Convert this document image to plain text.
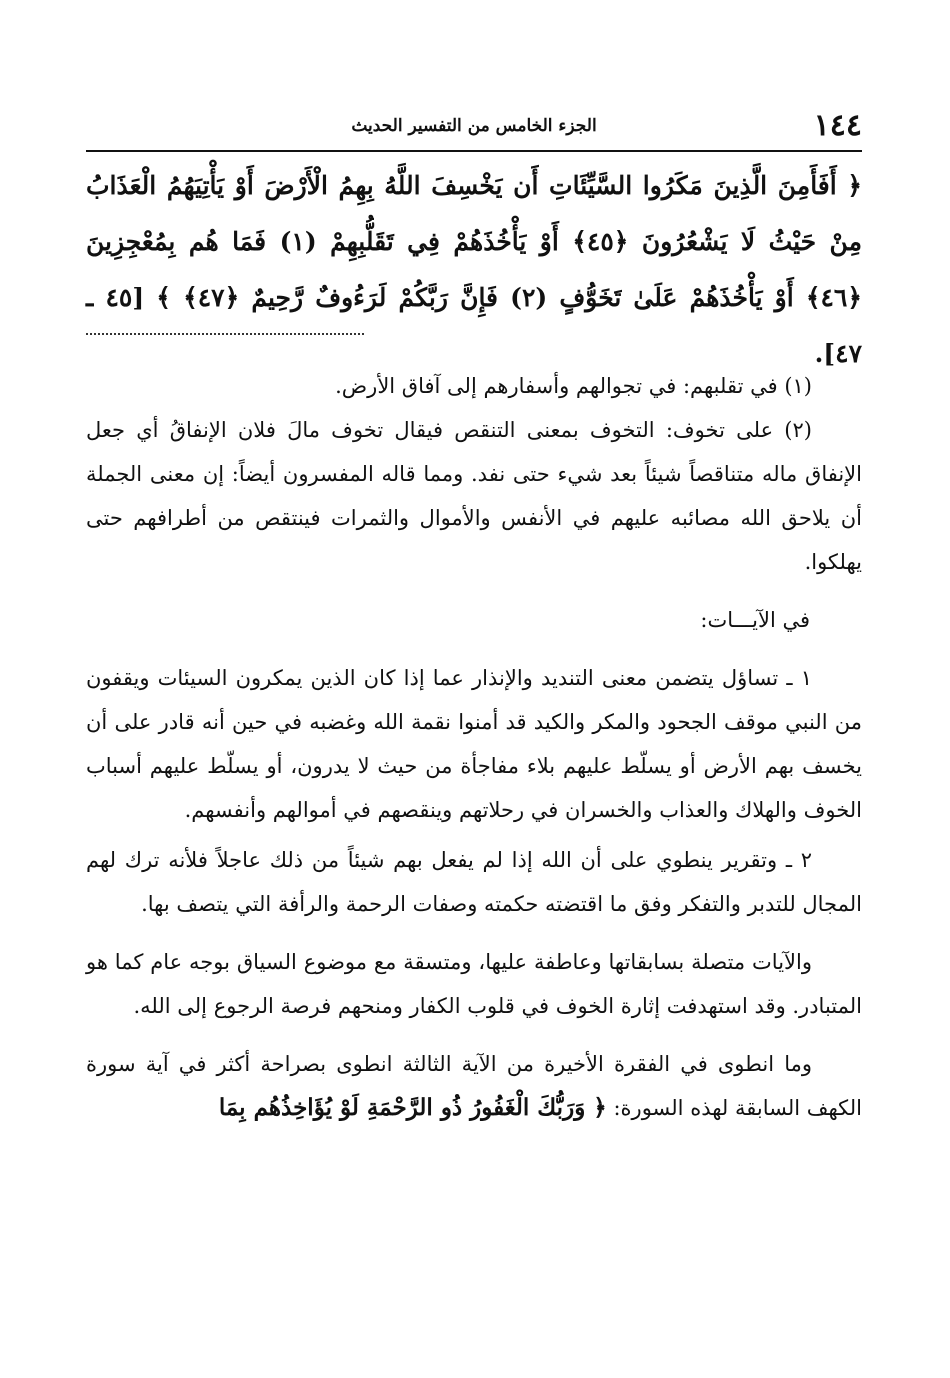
١٤٤
الجزء الخامس من التفسير الحديث
﴿ أَفَأَمِنَ الَّذِينَ مَكَرُوا السَّيِّئَاتِ أَن يَخْسِفَ اللَّهُ بِهِمُ الْأَرْضَ أَوْ يَأْتِيَهُمُ الْعَذَابُ مِنْ حَيْثُ لَا يَشْعُرُونَ ﴿٤٥﴾ أَوْ يَأْخُذَهُمْ فِي تَقَلُّبِهِمْ (١) فَمَا هُم بِمُعْجِزِينَ ﴿٤٦﴾ أَوْ يَأْخُذَهُمْ عَلَىٰ تَخَوُّفٍ (٢) فَإِنَّ رَبَّكُمْ لَرَءُوفٌ رَّحِيمٌ ﴿٤٧﴾ ﴾ [٤٥ ـ ٤٧].

(١) في تقلبهم: في تجوالهم وأسفارهم إلى آفاق الأرض.

(٢) على تخوف: التخوف بمعنى التنقص فيقال تخوف مالَ فلان الإنفاقُ أي جعل الإنفاق ماله متناقصاً شيئاً بعد شيء حتى نفد. ومما قاله المفسرون أيضاً: إن معنى الجملة أن يلاحق الله مصائبه عليهم في الأنفس والأموال والثمرات فينتقص من أطرافهم حتى يهلكوا.

في الآيـــات:

١ ـ تساؤل يتضمن معنى التنديد والإنذار عما إذا كان الذين يمكرون السيئات ويقفون من النبي موقف الجحود والمكر والكيد قد أمنوا نقمة الله وغضبه في حين أنه قادر على أن يخسف بهم الأرض أو يسلّط عليهم بلاء مفاجأة من حيث لا يدرون، أو يسلّط عليهم أسباب الخوف والهلاك والعذاب والخسران في رحلاتهم وينقصهم في أموالهم وأنفسهم.

٢ ـ وتقرير ينطوي على أن الله إذا لم يفعل بهم شيئاً من ذلك عاجلاً فلأنه ترك لهم المجال للتدبر والتفكر وفق ما اقتضته حكمته وصفات الرحمة والرأفة التي يتصف بها.

والآيات متصلة بسابقاتها وعاطفة عليها، ومتسقة مع موضوع السياق بوجه عام كما هو المتبادر. وقد استهدفت إثارة الخوف في قلوب الكفار ومنحهم فرصة الرجوع إلى الله.

وما انطوى في الفقرة الأخيرة من الآية الثالثة انطوى بصراحة أكثر في آية سورة الكهف السابقة لهذه السورة: ﴿ وَرَبُّكَ الْغَفُورُ ذُو الرَّحْمَةِ لَوْ يُؤَاخِذُهُم بِمَا
